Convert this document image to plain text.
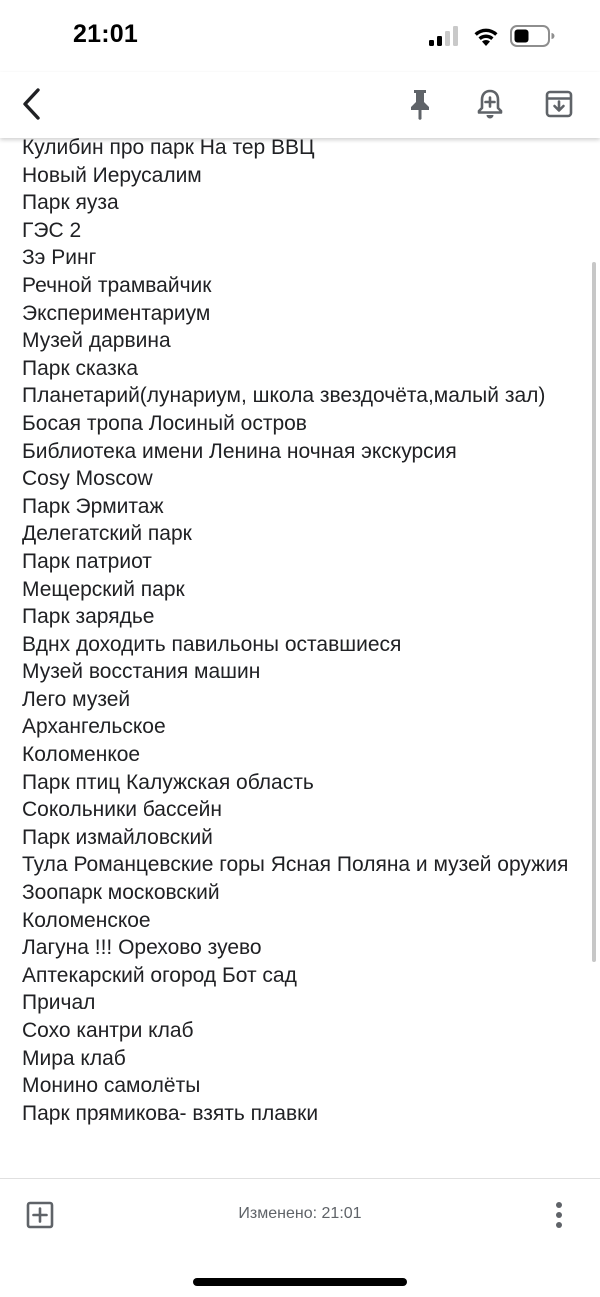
21:01
Кулибин про парк На тер ВВЦ
Новый Иерусалим
Парк яуза
ГЭС 2
Зэ Ринг
Речной трамвайчик
Экспериментариум
Музей дарвина
Парк сказка
Планетарий(лунариум, школа звездочёта,малый зал)
Босая тропа Лосиный остров
Библиотека имени Ленина ночная экскурсия
Cosy Moscow
Парк Эрмитаж
Делегатский парк
Парк патриот
Мещерский парк
Парк зарядье
Вднх доходить павильоны оставшиеся
Музей восстания машин
Лего музей
Архангельское
Коломенкое
Парк птиц Калужская область
Сокольники бассейн
Парк измайловский
Тула Романцевские горы Ясная Поляна и музей оружия
Зоопарк московский
Коломенское
Лагуна !!! Орехово зуево
Аптекарский огород Бот сад
Причал
Сохо кантри клаб
Мира клаб
Монино самолёты
Парк прямикова- взять плавки
Изменено: 21:01
